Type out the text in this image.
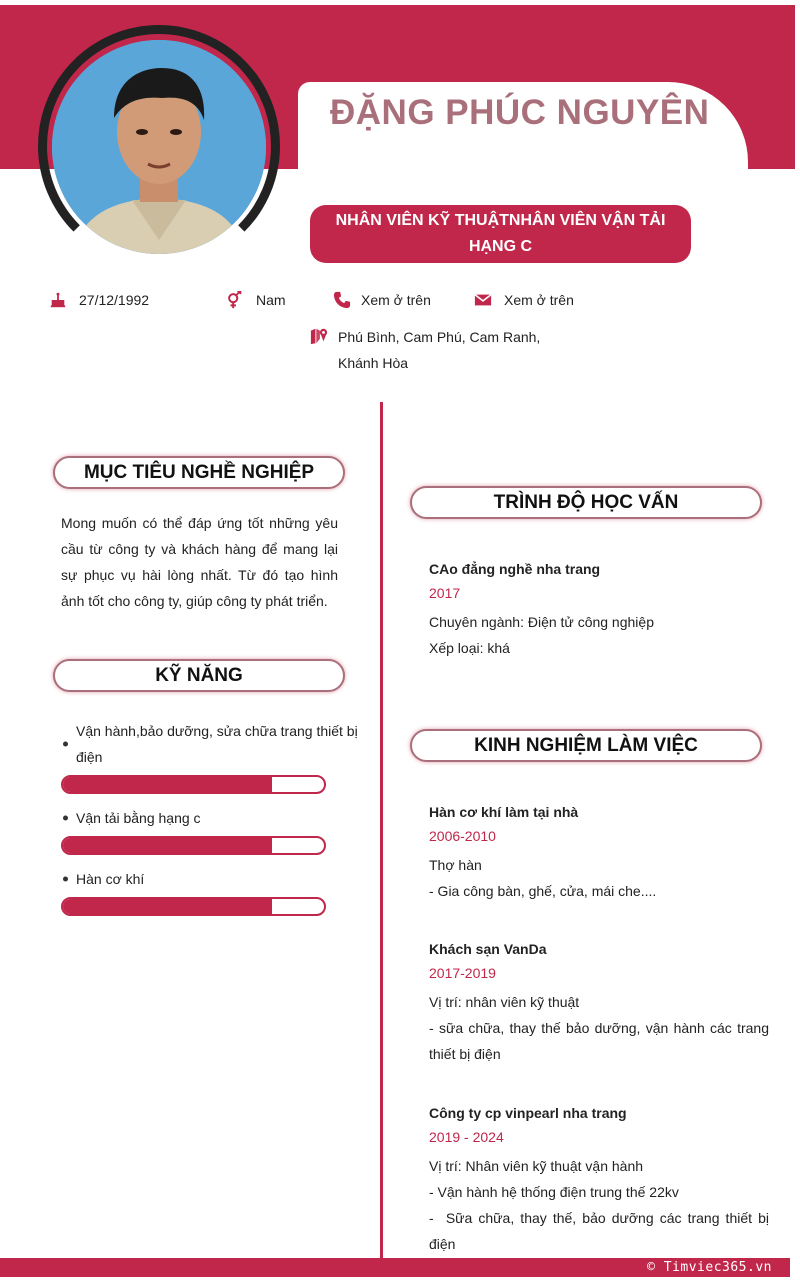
ĐẶNG PHÚC NGUYÊN
NHÂN VIÊN KỸ THUẬTNHÂN VIÊN VẬN TẢI HẠNG C
27/12/1992	Nam	Xem ở trên	Xem ở trên
Phú Bình, Cam Phú, Cam Ranh, Khánh Hòa
MỤC TIÊU NGHỀ NGHIỆP
Mong muốn có thể đáp ứng tốt những yêu cầu từ công ty và khách hàng để mang lại sự phục vụ hài lòng nhất. Từ đó tạo hình ảnh tốt cho công ty, giúp công ty phát triển.
KỸ NĂNG
Vận hành,bảo dưỡng, sửa chữa trang thiết bị điện
Vận tải bằng hạng c
Hàn cơ khí
TRÌNH ĐỘ HỌC VẤN
CAo đẳng nghề nha trang
2017
Chuyên ngành: Điện tử công nghiệp
Xếp loại: khá
KINH NGHIỆM LÀM VIỆC
Hàn cơ khí làm tại nhà
2006-2010
Thợ hàn
- Gia công bàn, ghế, cửa, mái che....
Khách sạn VanDa
2017-2019
Vị trí: nhân viên kỹ thuật
- sữa chữa, thay thế bảo dưỡng, vận hành các trang thiết bị điện
Công ty cp vinpearl nha trang
2019 - 2024
Vị trí: Nhân viên kỹ thuật vận hành
- Vận hành hệ thống điện trung thế 22kv
-  Sữa chữa, thay thế, bảo dưỡng các trang thiết bị điện
© Timviec365.vn
